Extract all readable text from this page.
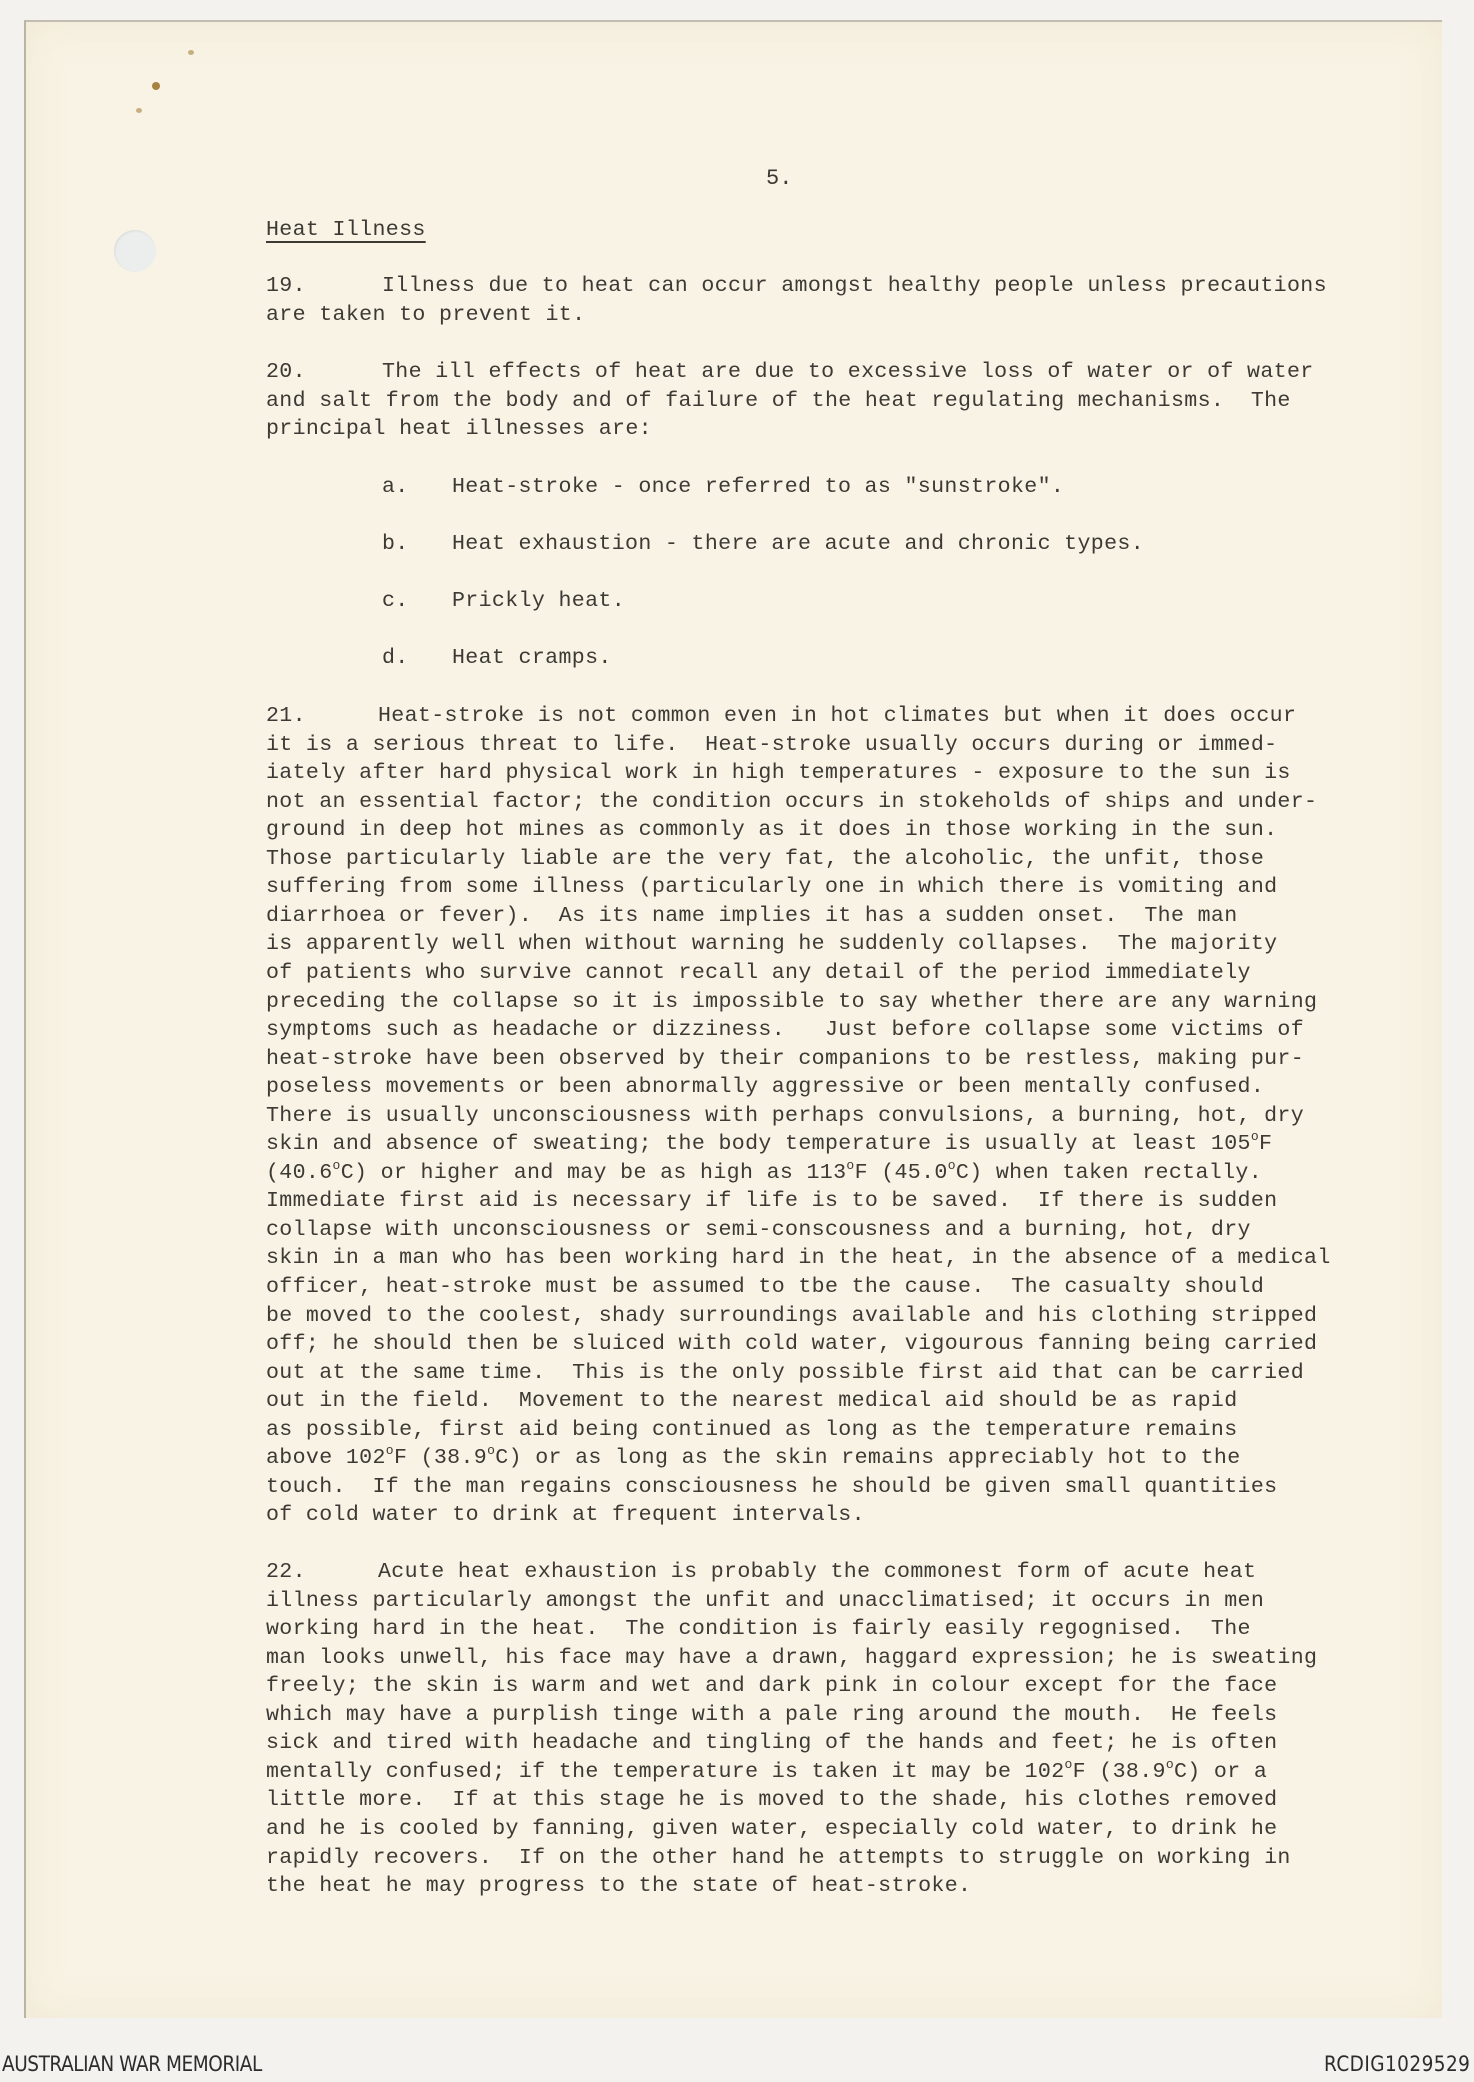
5.
Heat Illness
19.	Illness due to heat can occur amongst healthy people unless precautions
are taken to prevent it.
20.	The ill effects of heat are due to excessive loss of water or of water
and salt from the body and of failure of the heat regulating mechanisms.  The
principal heat illnesses are:
a. Heat-stroke - once referred to as "sunstroke".
b. Heat exhaustion - there are acute and chronic types.
c. Prickly heat.
d. Heat cramps.
21.	Heat-stroke is not common even in hot climates but when it does occur
it is a serious threat to life.  Heat-stroke usually occurs during or immed-
iately after hard physical work in high temperatures - exposure to the sun is
not an essential factor; the condition occurs in stokeholds of ships and under-
ground in deep hot mines as commonly as it does in those working in the sun.
Those particularly liable are the very fat, the alcoholic, the unfit, those
suffering from some illness (particularly one in which there is vomiting and
diarrhoea or fever).  As its name implies it has a sudden onset.  The man
is apparently well when without warning he suddenly collapses.  The majority
of patients who survive cannot recall any detail of the period immediately
preceding the collapse so it is impossible to say whether there are any warning
symptoms such as headache or dizziness.   Just before collapse some victims of
heat-stroke have been observed by their companions to be restless, making pur-
poseless movements or been abnormally aggressive or been mentally confused.
There is usually unconsciousness with perhaps convulsions, a burning, hot, dry
skin and absence of sweating; the body temperature is usually at least 105$^o$F
(40.6$^o$C) or higher and may be as high as 113$^o$F (45.0$^o$C) when taken rectally.
Immediate first aid is necessary if life is to be saved.  If there is sudden
collapse with unconsciousness or semi-conscousness and a burning, hot, dry
skin in a man who has been working hard in the heat, in the absence of a medical
officer, heat-stroke must be assumed to tbe the cause.  The casualty should
be moved to the coolest, shady surroundings available and his clothing stripped
off; he should then be sluiced with cold water, vigourous fanning being carried
out at the same time.  This is the only possible first aid that can be carried
out in the field.  Movement to the nearest medical aid should be as rapid
as possible, first aid being continued as long as the temperature remains
above 102$^o$F (38.9$^o$C) or as long as the skin remains appreciably hot to the
touch.  If the man regains consciousness he should be given small quantities
of cold water to drink at frequent intervals.
22.	Acute heat exhaustion is probably the commonest form of acute heat
illness particularly amongst the unfit and unacclimatised; it occurs in men
working hard in the heat.  The condition is fairly easily regognised.  The
man looks unwell, his face may have a drawn, haggard expression; he is sweating
freely; the skin is warm and wet and dark pink in colour except for the face
which may have a purplish tinge with a pale ring around the mouth.  He feels
sick and tired with headache and tingling of the hands and feet; he is often
mentally confused; if the temperature is taken it may be 102$^o$F (38.9$^o$C) or a
little more.  If at this stage he is moved to the shade, his clothes removed
and he is cooled by fanning, given water, especially cold water, to drink he
rapidly recovers.  If on the other hand he attempts to struggle on working in
the heat he may progress to the state of heat-stroke.
AUSTRALIAN WAR MEMORIAL	RCDIG1029529
